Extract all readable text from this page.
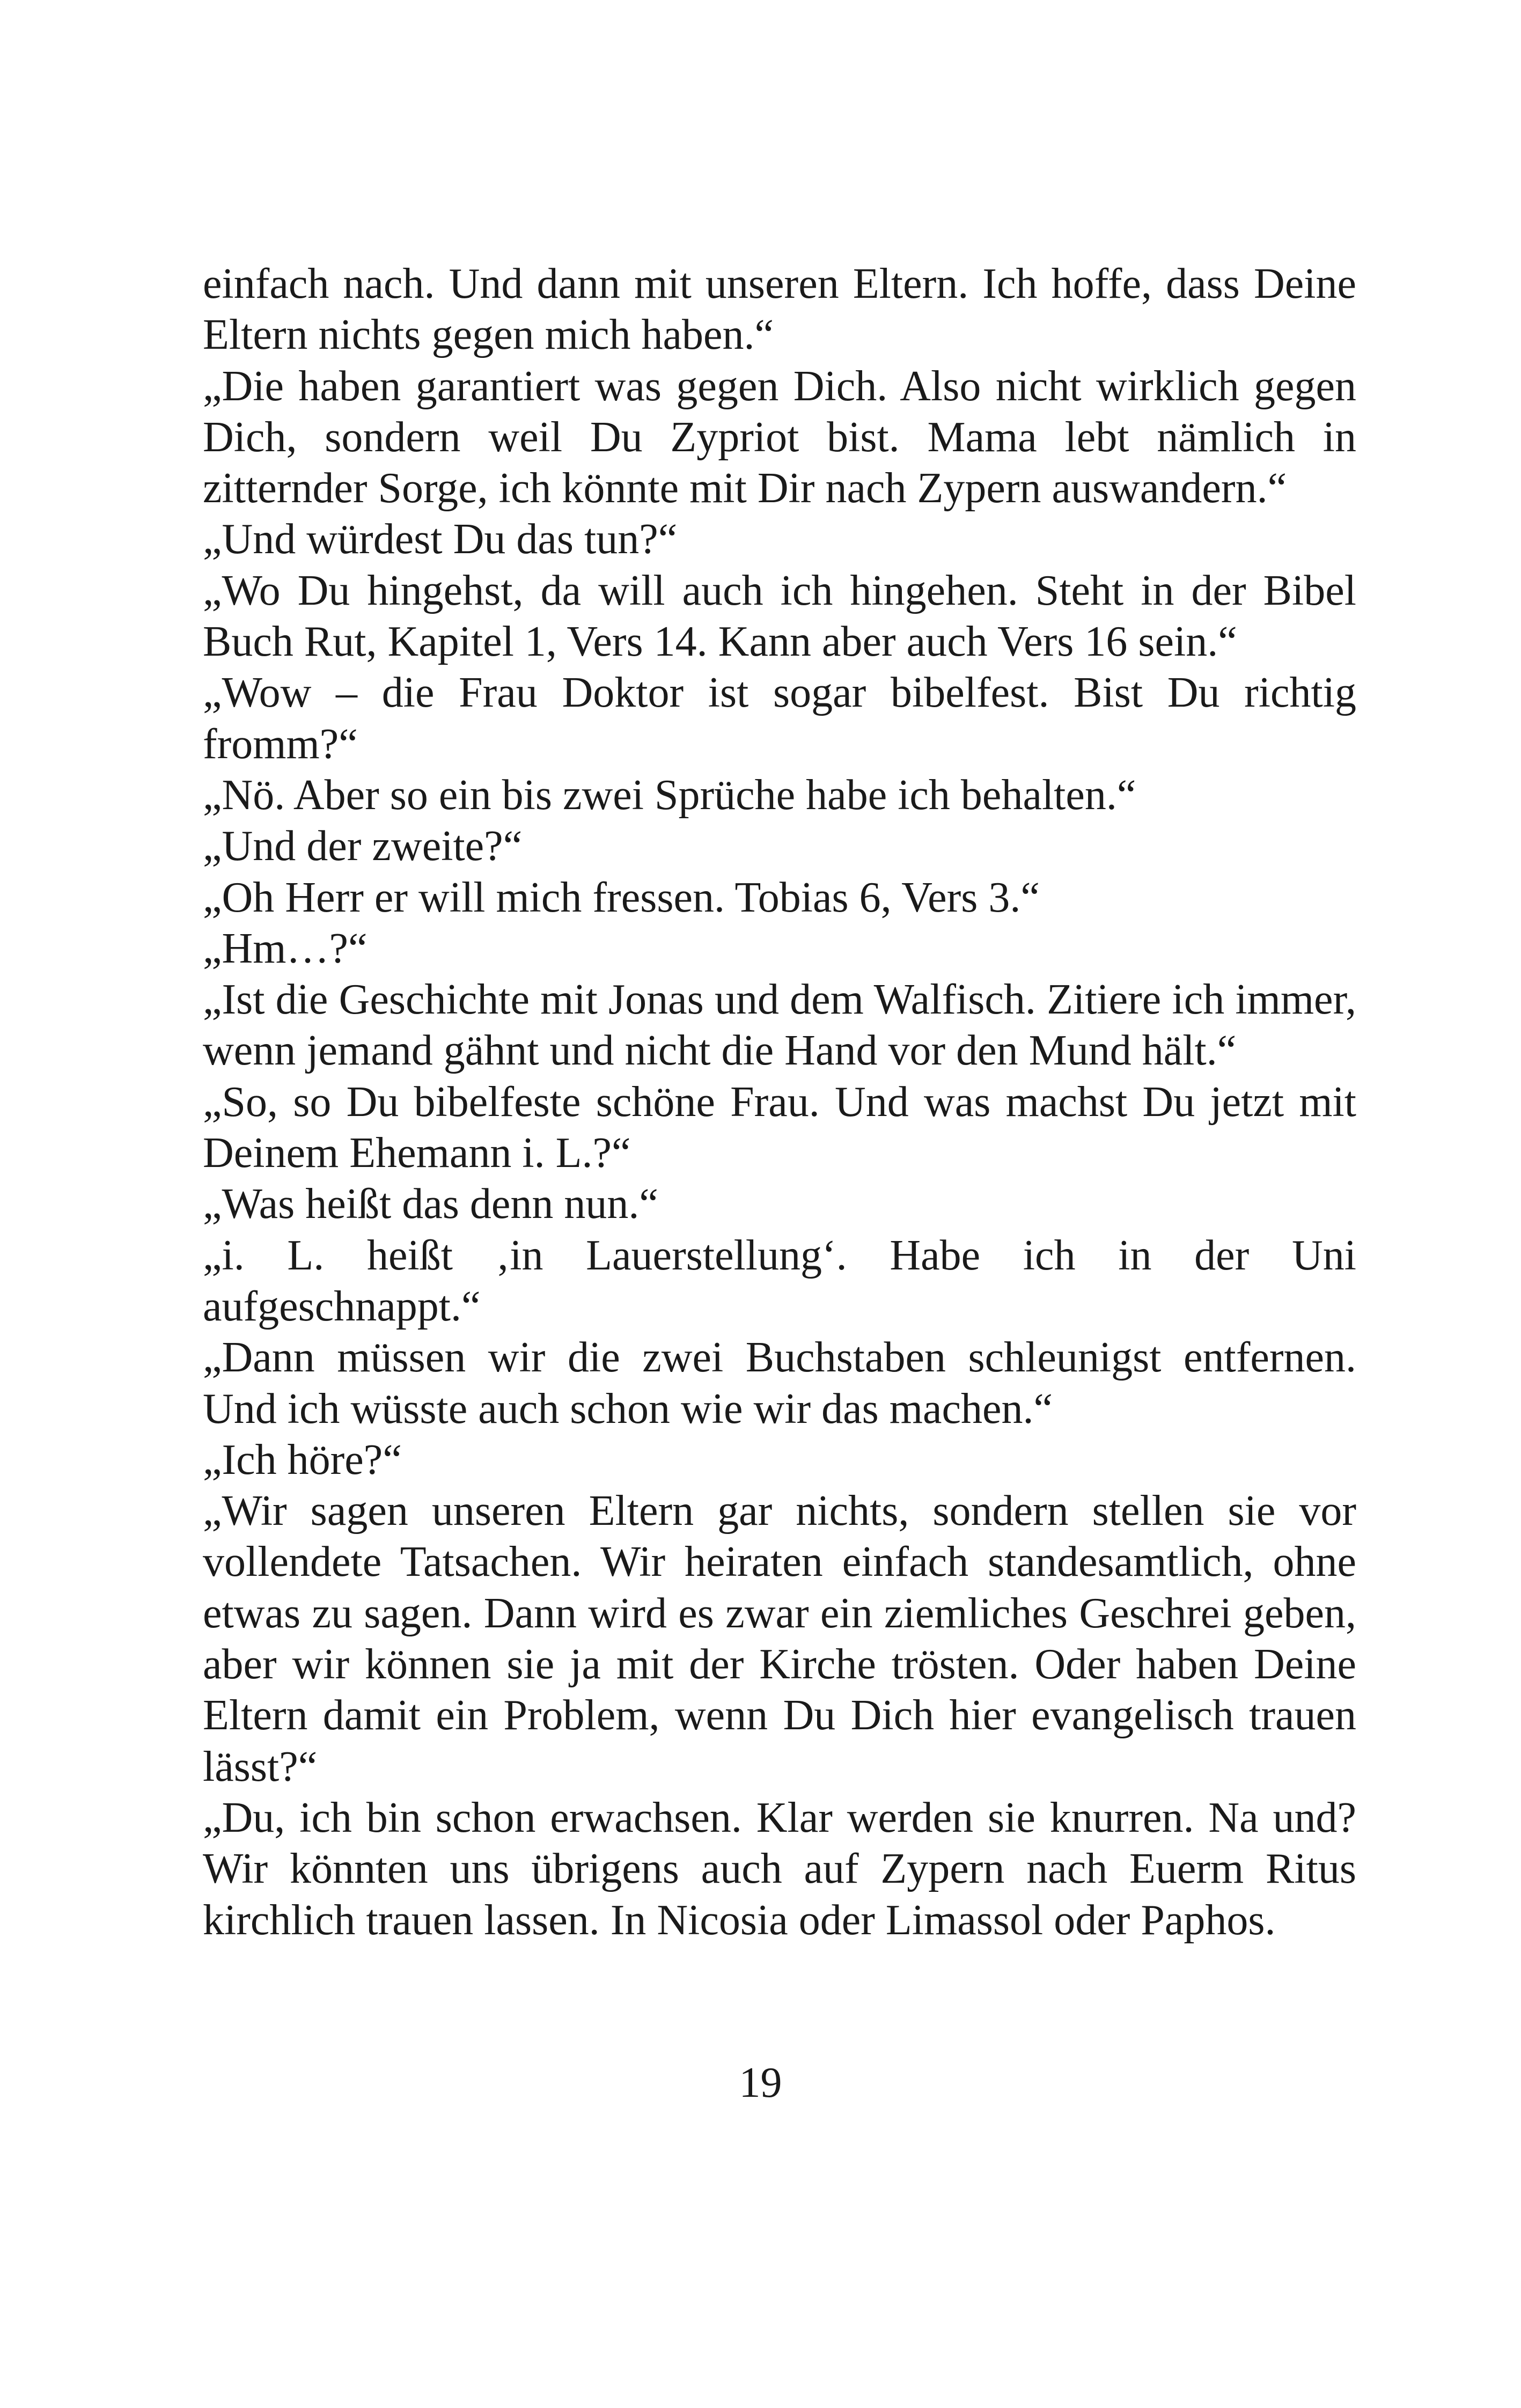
einfach nach. Und dann mit unseren Eltern. Ich hoffe, dass Deine Eltern nichts gegen mich haben.“

„Die haben garantiert was gegen Dich. Also nicht wirklich gegen Dich, sondern weil Du Zypriot bist. Mama lebt nämlich in zitternder Sorge, ich könnte mit Dir nach Zypern auswandern.“

„Und würdest Du das tun?“

„Wo Du hingehst, da will auch ich hingehen. Steht in der Bibel Buch Rut, Kapitel 1, Vers 14. Kann aber auch Vers 16 sein.“

„Wow – die Frau Doktor ist sogar bibelfest. Bist Du richtig fromm?“

„Nö. Aber so ein bis zwei Sprüche habe ich behalten.“

„Und der zweite?“

„Oh Herr er will mich fressen. Tobias 6, Vers 3.“

„Hm…?“

„Ist die Geschichte mit Jonas und dem Walfisch. Zitiere ich immer, wenn jemand gähnt und nicht die Hand vor den Mund hält.“

„So, so Du bibelfeste schöne Frau. Und was machst Du jetzt mit Deinem Ehemann i. L.?“

„Was heißt das denn nun.“

„i. L. heißt ‚in Lauerstellung‘. Habe ich in der Uni aufgeschnappt.“

„Dann müssen wir die zwei Buchstaben schleunigst entfernen. Und ich wüsste auch schon wie wir das machen.“

„Ich höre?“

„Wir sagen unseren Eltern gar nichts, sondern stellen sie vor vollendete Tatsachen. Wir heiraten einfach standesamtlich, ohne etwas zu sagen. Dann wird es zwar ein ziemliches Geschrei geben, aber wir können sie ja mit der Kirche trösten. Oder haben Deine Eltern damit ein Problem, wenn Du Dich hier evangelisch trauen lässt?“

„Du, ich bin schon erwachsen. Klar werden sie knurren. Na und? Wir könnten uns übrigens auch auf Zypern nach Euerm Ritus kirchlich trauen lassen. In Nicosia oder Limassol oder Paphos.

19
